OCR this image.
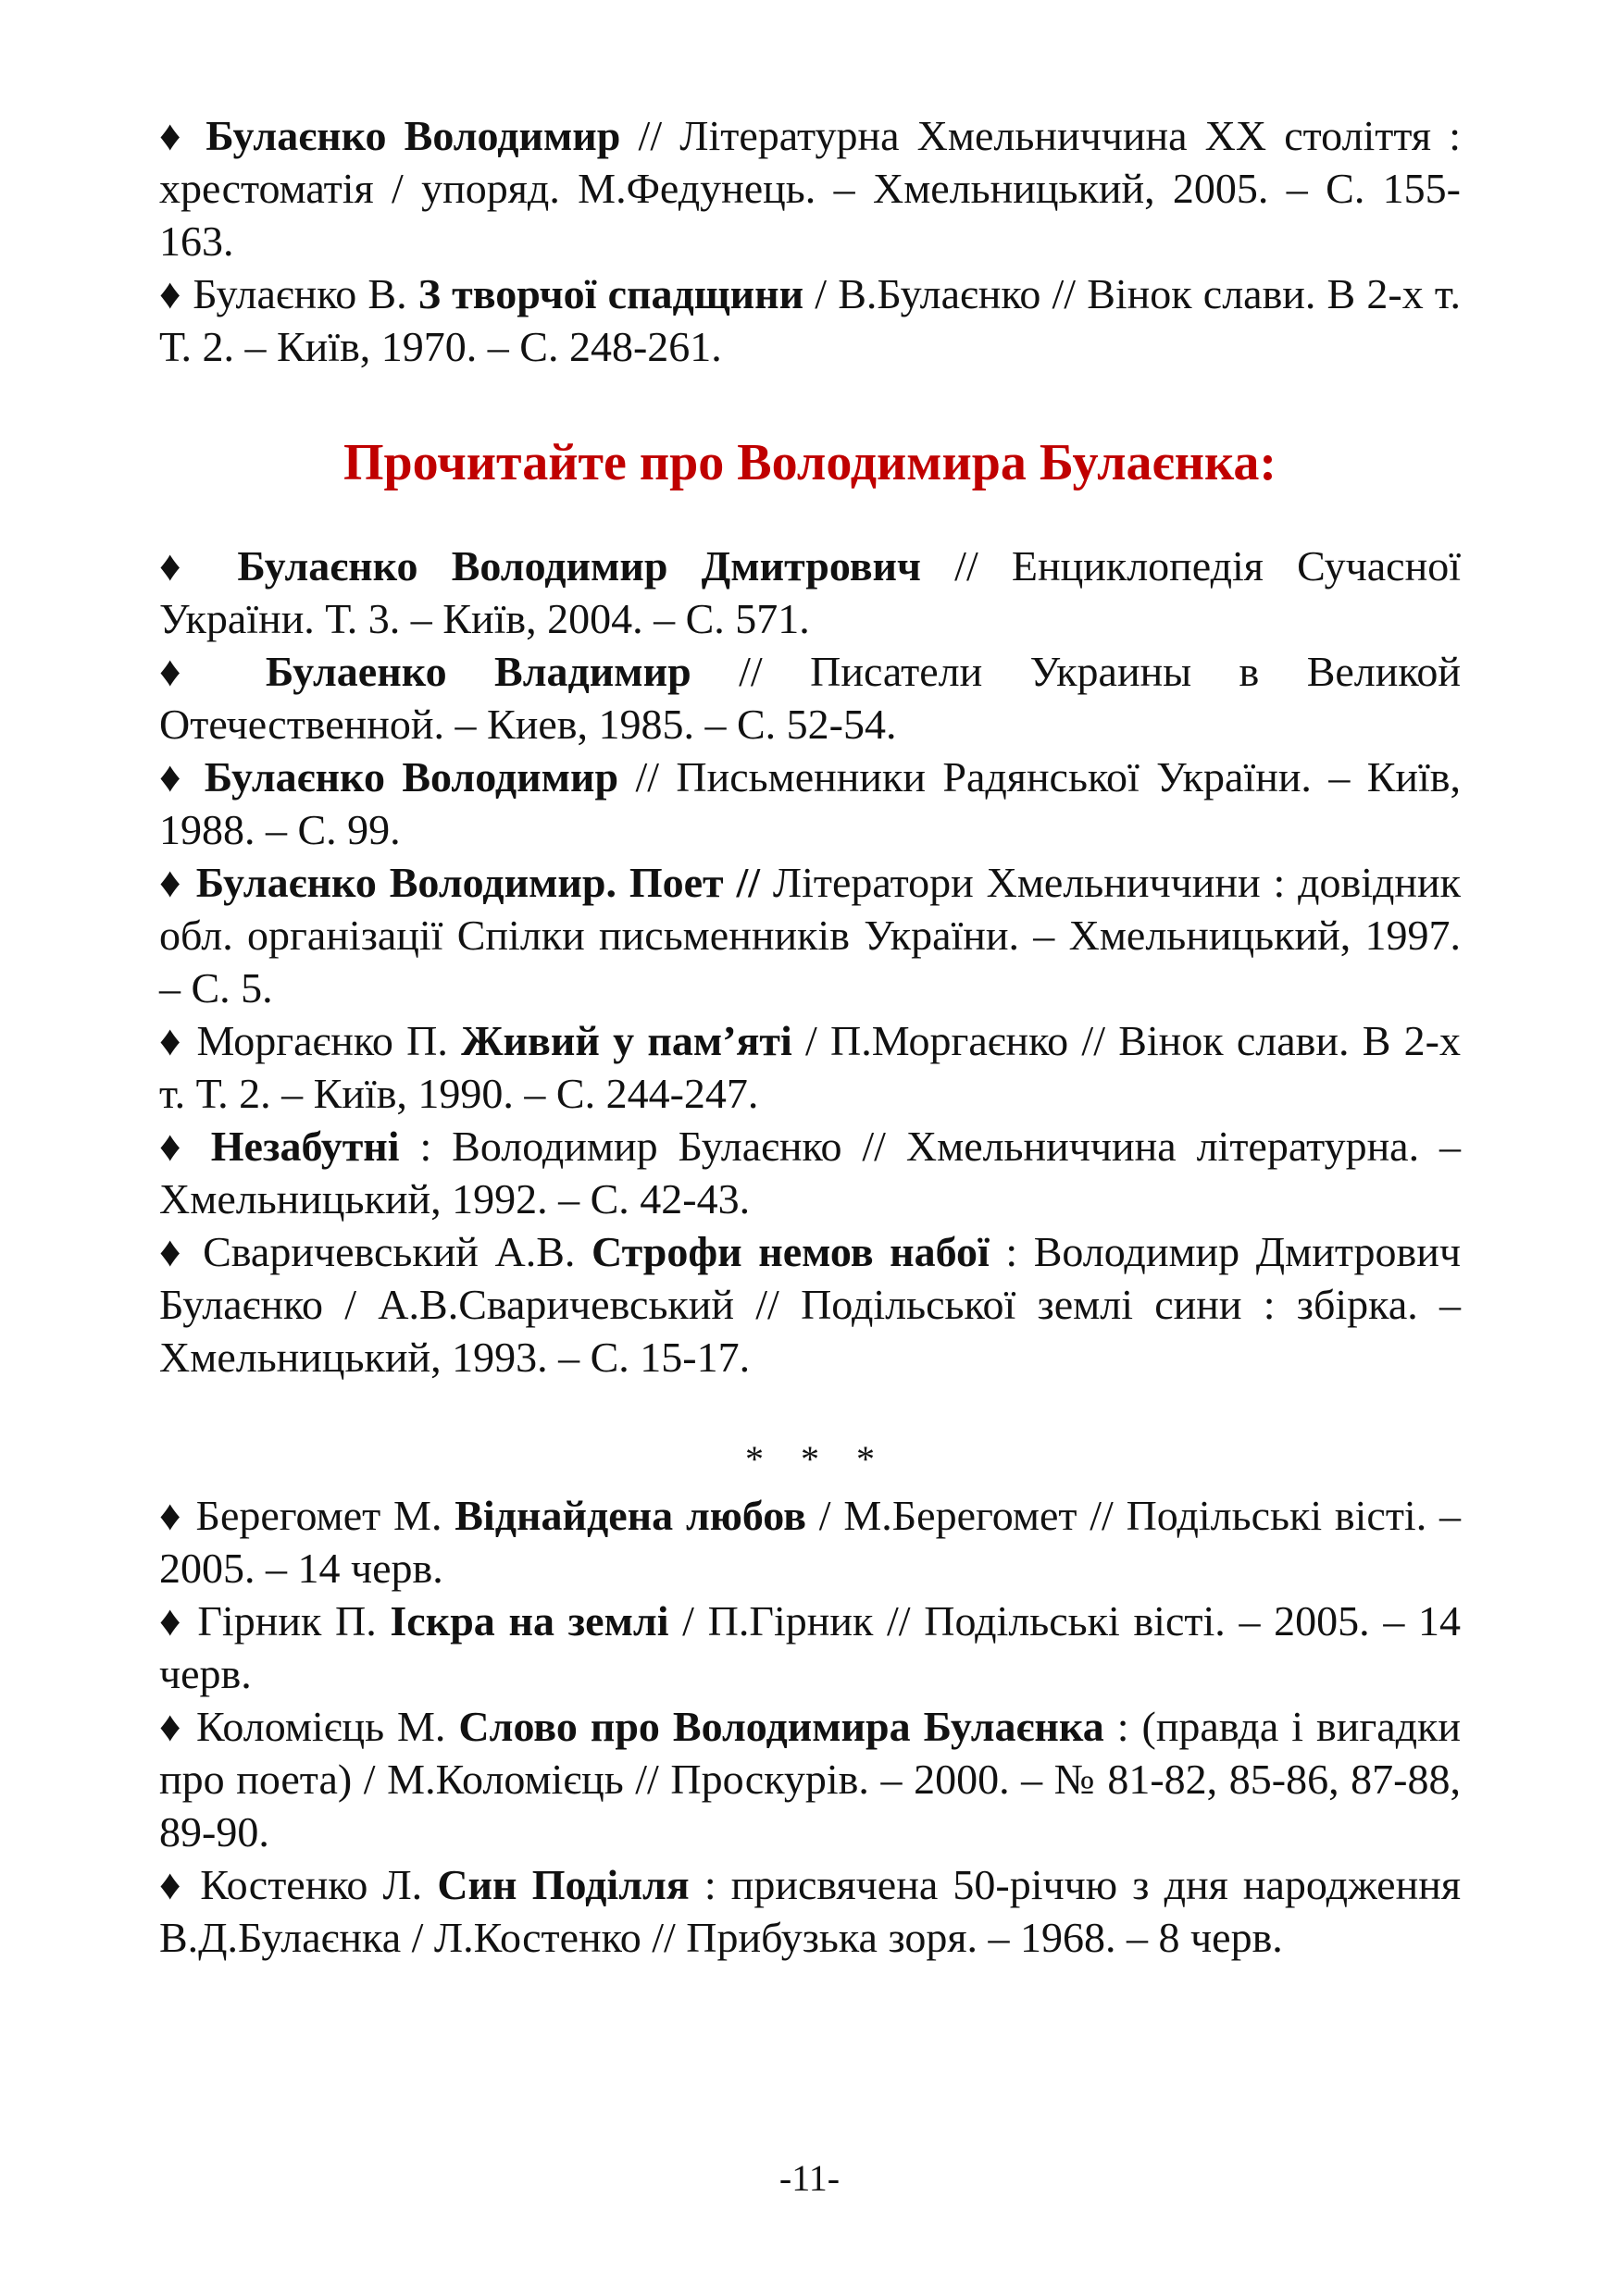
♦ Булаєнко Володимир // Літературна Хмельниччина XX століття : хрестоматія / упоряд. М.Федунець. – Хмельницький, 2005. – С. 155-163.

♦ Булаєнко В. З творчої спадщини / В.Булаєнко // Вінок слави. В 2-х т. Т. 2. – Київ, 1970. – С. 248-261.

Прочитайте про Володимира Булаєнка:

♦ Булаєнко Володимир Дмитрович // Енциклопедія Сучасної України. Т. 3. – Київ, 2004. – С. 571.

♦ Булаенко Владимир // Писатели Украины в Великой Отечественной. – Киев, 1985. – С. 52-54.

♦ Булаєнко Володимир // Письменники Радянської України. – Київ, 1988. – С. 99.

♦ Булаєнко Володимир. Поет // Літератори Хмельниччини : довідник обл. організації Спілки письменників України. – Хмельницький, 1997. – С. 5.

♦ Моргаєнко П. Живий у пам’яті / П.Моргаєнко // Вінок слави. В 2-х т. Т. 2. – Київ, 1990. – С. 244-247.

♦ Незабутні : Володимир Булаєнко // Хмельниччина літературна. – Хмельницький, 1992. – С. 42-43.

♦ Сваричевський А.В. Строфи немов набої : Володимир Дмитрович Булаєнко / А.В.Сваричевський // Подільської землі сини : збірка. – Хмельницький, 1993. – С. 15-17.

* * *

♦ Берегомет М. Віднайдена любов / М.Берегомет // Подільські вісті. – 2005. – 14 черв.

♦ Гірник П. Іскра на землі / П.Гірник // Подільські вісті. – 2005. – 14 черв.

♦ Коломієць М. Слово про Володимира Булаєнка : (правда і вигадки про поета) / М.Коломієць // Проскурів. – 2000. – № 81-82, 85-86, 87-88, 89-90.

♦ Костенко Л. Син Поділля : присвячена 50-річчю з дня народження В.Д.Булаєнка / Л.Костенко // Прибузька зоря. – 1968. – 8 черв.

-11-
